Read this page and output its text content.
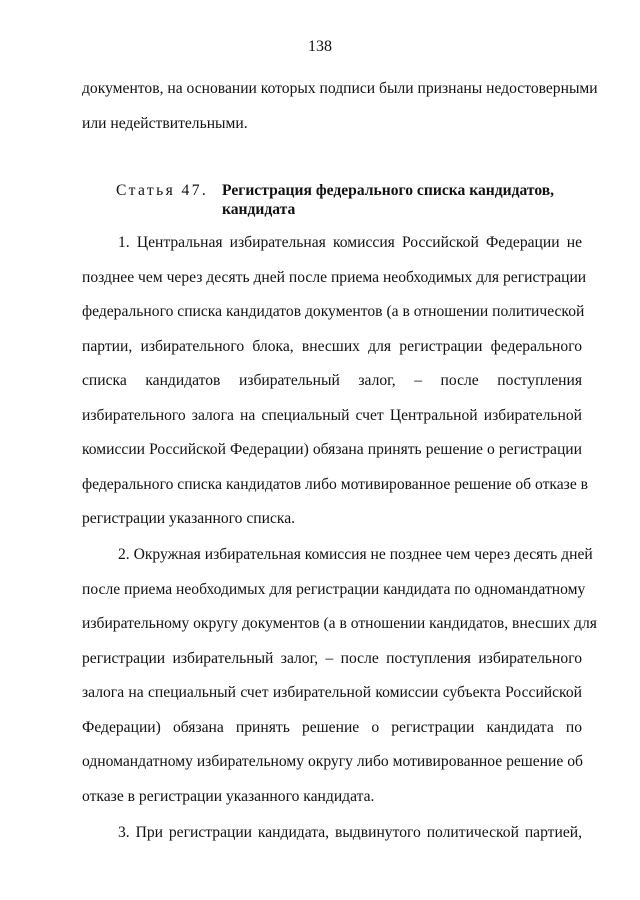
138
документов, на основании которых подписи были признаны недостоверными
или недействительными.
Статья 47. Регистрация федерального списка кандидатов,
кандидата
1. Центральная избирательная комиссия Российской Федерации не
позднее чем через десять дней после приема необходимых для регистрации
федерального списка кандидатов документов (а в отношении политической
партии, избирательного блока, внесших для регистрации федерального
списка кандидатов избирательный залог, – после поступления
избирательного залога на специальный счет Центральной избирательной
комиссии Российской Федерации) обязана принять решение о регистрации
федерального списка кандидатов либо мотивированное решение об отказе в
регистрации указанного списка.
2. Окружная избирательная комиссия не позднее чем через десять дней
после приема необходимых для регистрации кандидата по одномандатному
избирательному округу документов (а в отношении кандидатов, внесших для
регистрации избирательный залог, – после поступления избирательного
залога на специальный счет избирательной комиссии субъекта Российской
Федерации) обязана принять решение о регистрации кандидата по
одномандатному избирательному округу либо мотивированное решение об
отказе в регистрации указанного кандидата.
3. При регистрации кандидата, выдвинутого политической партией,
